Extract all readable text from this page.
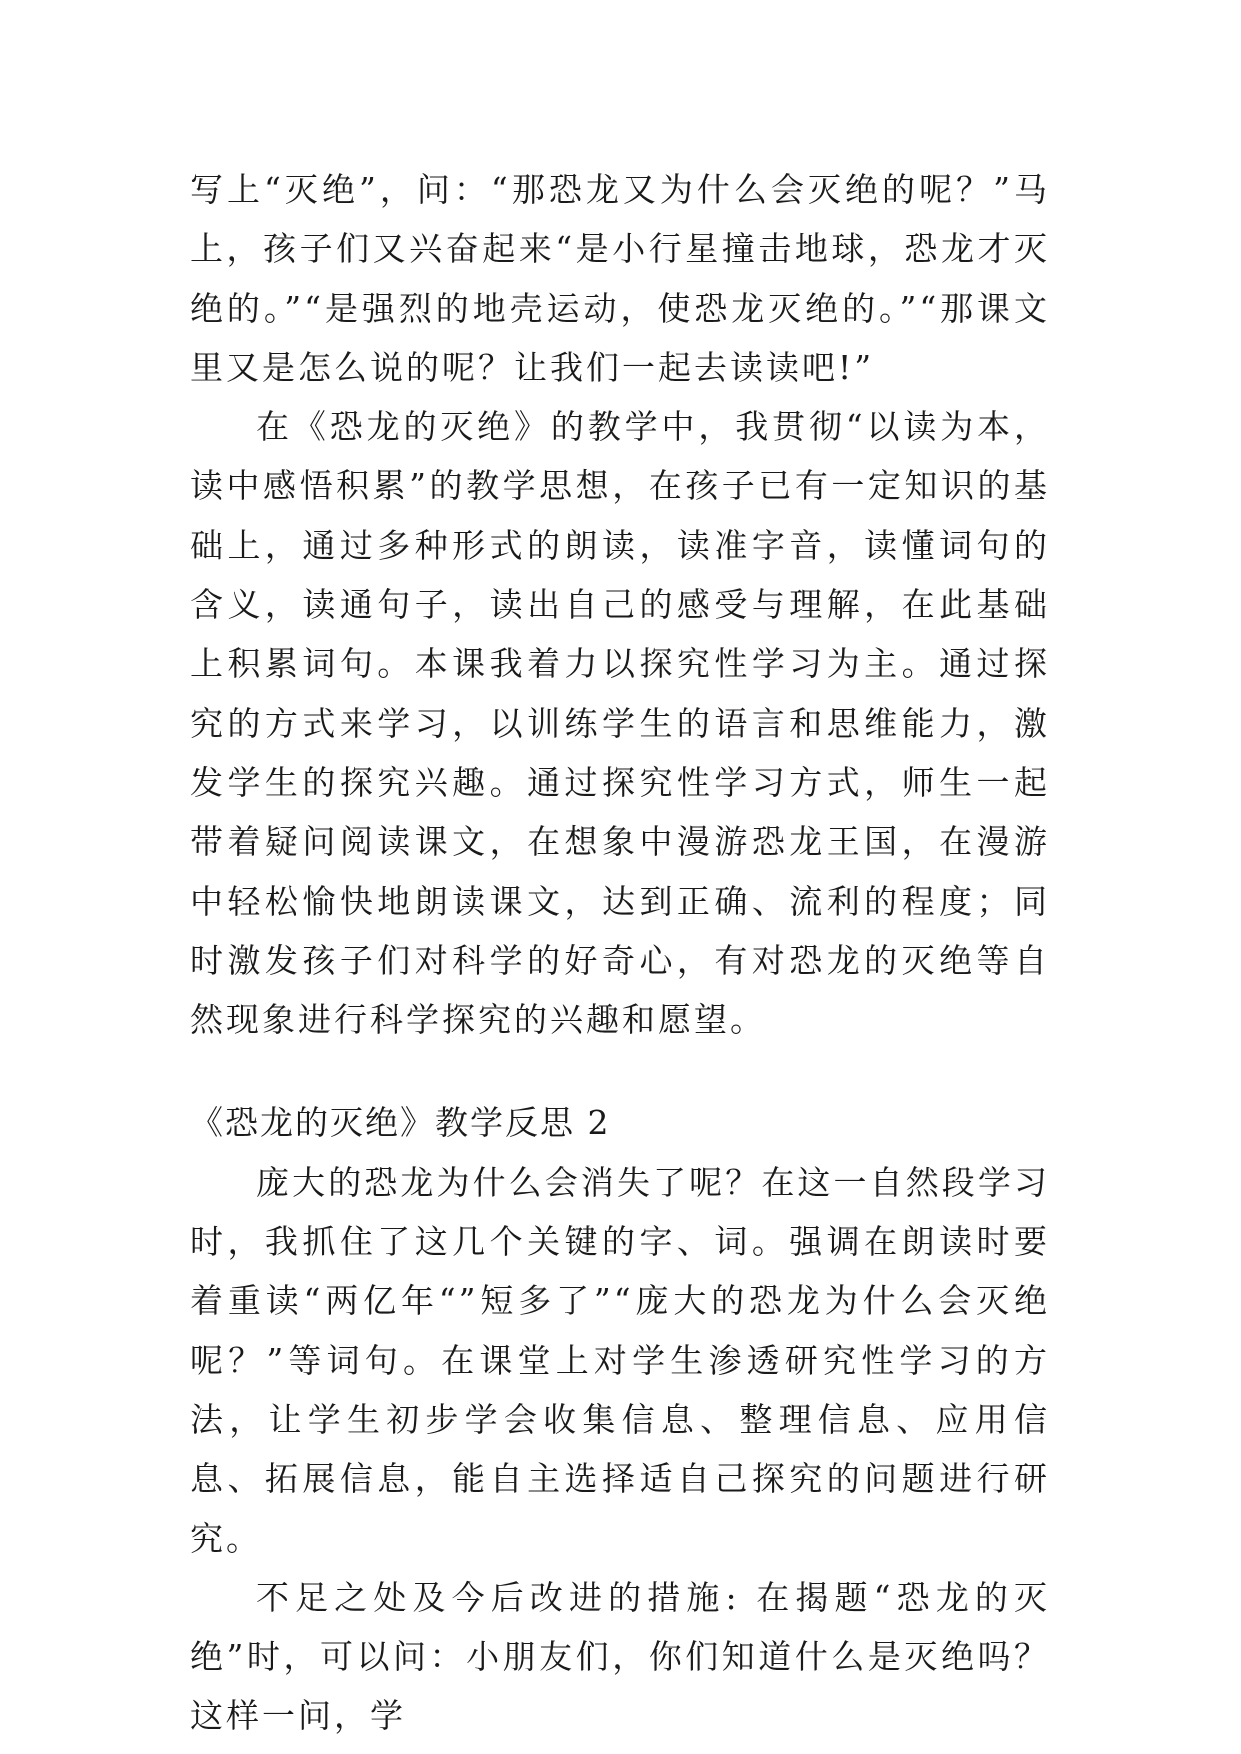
写上“灭绝”，问：“那恐龙又为什么会灭绝的呢？”马上，孩子们又兴奋起来“是小行星撞击地球，恐龙才灭绝的。”“是强烈的地壳运动，使恐龙灭绝的。”“那课文里又是怎么说的呢？让我们一起去读读吧!”

在《恐龙的灭绝》的教学中，我贯彻“以读为本，读中感悟积累”的教学思想，在孩子已有一定知识的基础上，通过多种形式的朗读，读准字音，读懂词句的含义，读通句子，读出自己的感受与理解，在此基础上积累词句。本课我着力以探究性学习为主。通过探究的方式来学习，以训练学生的语言和思维能力，激发学生的探究兴趣。通过探究性学习方式，师生一起带着疑问阅读课文，在想象中漫游恐龙王国，在漫游中轻松愉快地朗读课文，达到正确、流利的程度；同时激发孩子们对科学的好奇心，有对恐龙的灭绝等自然现象进行科学探究的兴趣和愿望。

《恐龙的灭绝》教学反思 2

庞大的恐龙为什么会消失了呢？在这一自然段学习时，我抓住了这几个关键的字、词。强调在朗读时要着重读“两亿年“”短多了”“庞大的恐龙为什么会灭绝呢？”等词句。在课堂上对学生渗透研究性学习的方法，让学生初步学会收集信息、整理信息、应用信息、拓展信息，能自主选择适自己探究的问题进行研究。

不足之处及今后改进的措施: 在揭题“恐龙的灭绝”时，可以问：小朋友们，你们知道什么是灭绝吗？这样一问，学
